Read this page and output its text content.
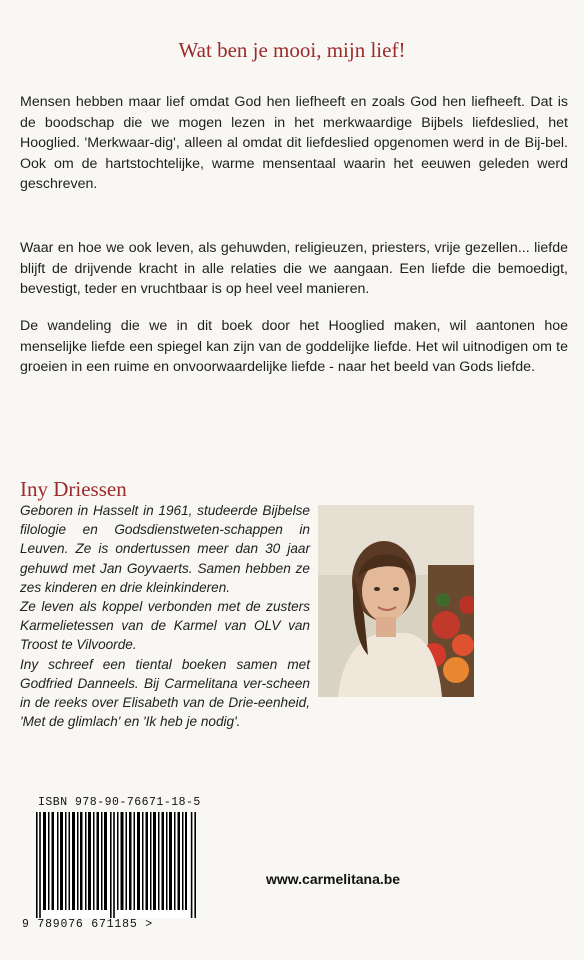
Wat ben je mooi, mijn lief!
Mensen hebben maar lief omdat God hen liefheeft en zoals God hen liefheeft. Dat is de boodschap die we mogen lezen in het merkwaardige Bijbels liefdeslied, het Hooglied. 'Merkwaar-dig', alleen al omdat dit liefdeslied opgenomen werd in de Bij-bel. Ook om de hartstochtelijke, warme mensentaal waarin het eeuwen geleden werd geschreven.
Waar en hoe we ook leven, als gehuwden, religieuzen, priesters, vrije gezellen... liefde blijft de drijvende kracht in alle relaties die we aangaan. Een liefde die bemoedigt, bevestigt, teder en vruchtbaar is op heel veel manieren.
De wandeling die we in dit boek door het Hooglied maken, wil aantonen hoe menselijke liefde een spiegel kan zijn van de goddelijke liefde. Het wil uitnodigen om te groeien in een ruime en onvoorwaardelijke liefde - naar het beeld van Gods liefde.
Iny Driessen

Geboren in Hasselt in 1961, studeerde Bijbelse filologie en Godsdienstweten-schappen in Leuven. Ze is ondertussen meer dan 30 jaar gehuwd met Jan Goyvaerts. Samen hebben ze zes kinderen en drie kleinkinderen.

Ze leven als koppel verbonden met de zusters Karmelietessen van de Karmel van OLV van Troost te Vilvoorde.

Iny schreef een tiental boeken samen met Godfried Danneels. Bij Carmelitana ver-scheen in de reeks over Elisabeth van de Drie-eenheid, 'Met de glimlach' en 'Ik heb je nodig'.

ISBN 978-90-76671-18-5
9 789076 671185 >
www.carmelitana.be
